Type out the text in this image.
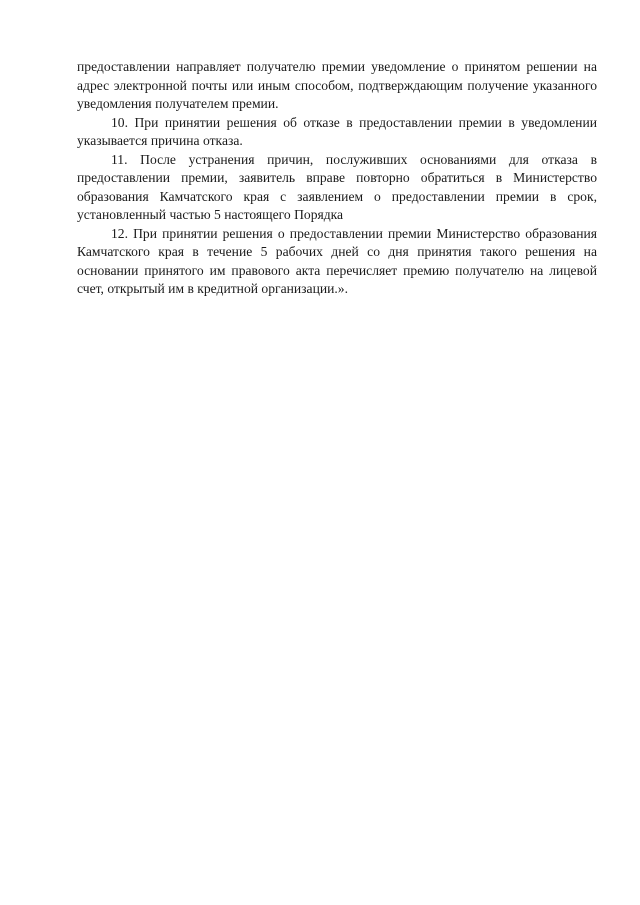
предоставлении направляет получателю премии уведомление о принятом решении на адрес электронной почты или иным способом, подтверждающим получение указанного уведомления получателем премии.

10. При принятии решения об отказе в предоставлении премии в уведомлении указывается причина отказа.

11. После устранения причин, послуживших основаниями для отказа в предоставлении премии, заявитель вправе повторно обратиться в Министерство образования Камчатского края с заявлением о предоставлении премии в срок, установленный частью 5 настоящего Порядка

12. При принятии решения о предоставлении премии Министерство образования Камчатского края в течение 5 рабочих дней со дня принятия такого решения на основании принятого им правового акта перечисляет премию получателю на лицевой счет, открытый им в кредитной организации.».
